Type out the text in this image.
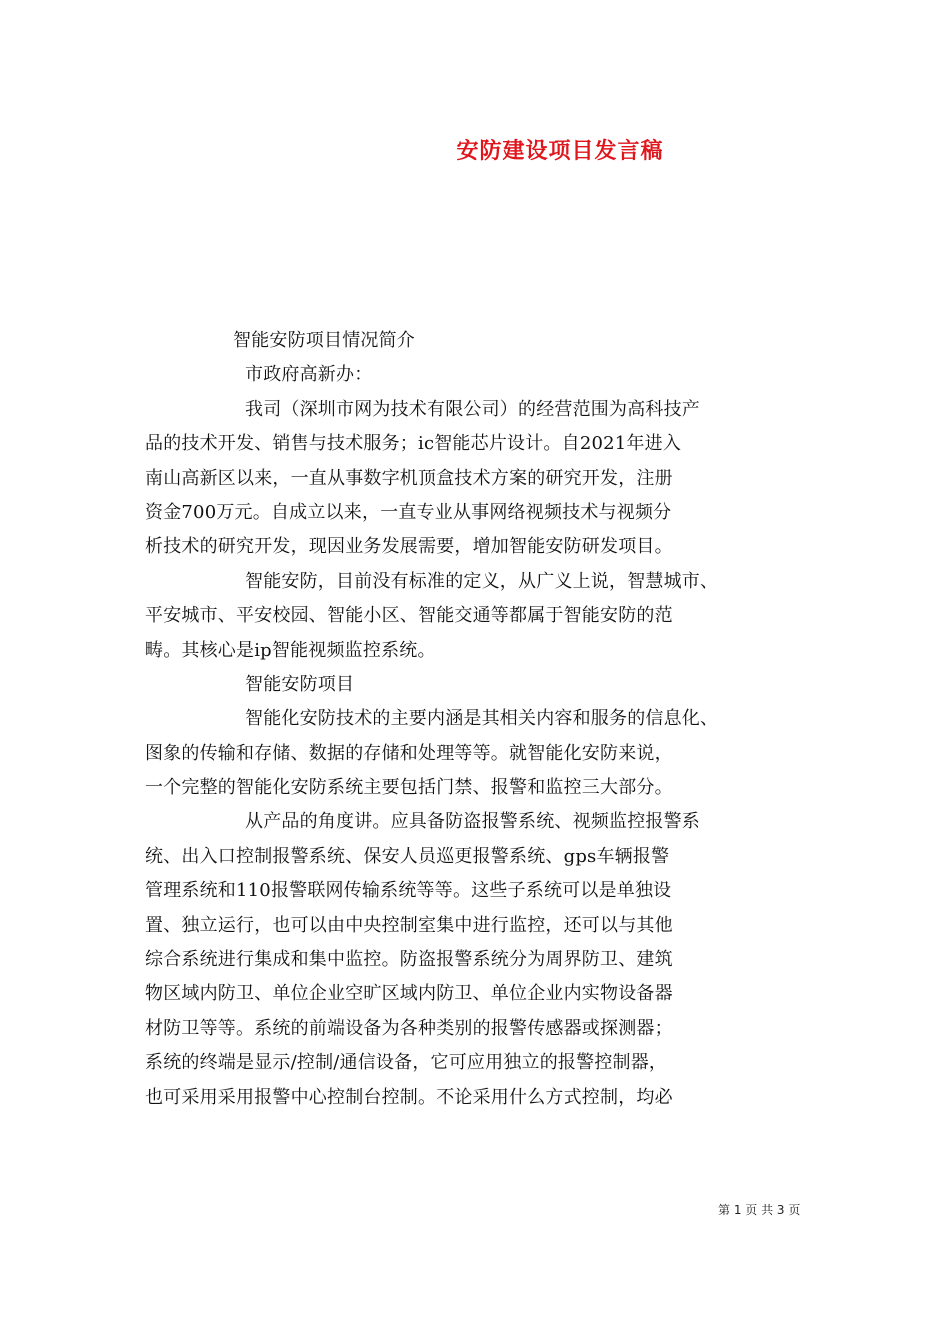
安防建设项目发言稿
智能安防项目情况简介
市政府高新办：
我司（深圳市网为技术有限公司）的经营范围为高科技产
品的技术开发、销售与技术服务；ic智能芯片设计。自2021年进入
南山高新区以来，一直从事数字机顶盒技术方案的研究开发，注册
资金700万元。自成立以来，一直专业从事网络视频技术与视频分
析技术的研究开发，现因业务发展需要，增加智能安防研发项目。
智能安防，目前没有标准的定义，从广义上说，智慧城市、
平安城市、平安校园、智能小区、智能交通等都属于智能安防的范
畴。其核心是ip智能视频监控系统。
智能安防项目
智能化安防技术的主要内涵是其相关内容和服务的信息化、
图象的传输和存储、数据的存储和处理等等。就智能化安防来说，
一个完整的智能化安防系统主要包括门禁、报警和监控三大部分。
从产品的角度讲。应具备防盗报警系统、视频监控报警系
统、出入口控制报警系统、保安人员巡更报警系统、gps车辆报警
管理系统和110报警联网传输系统等等。这些子系统可以是单独设
置、独立运行，也可以由中央控制室集中进行监控，还可以与其他
综合系统进行集成和集中监控。防盗报警系统分为周界防卫、建筑
物区域内防卫、单位企业空旷区域内防卫、单位企业内实物设备器
材防卫等等。系统的前端设备为各种类别的报警传感器或探测器；
系统的终端是显示/控制/通信设备，它可应用独立的报警控制器，
也可采用采用报警中心控制台控制。不论采用什么方式控制，均必
第 1 页 共 3 页
